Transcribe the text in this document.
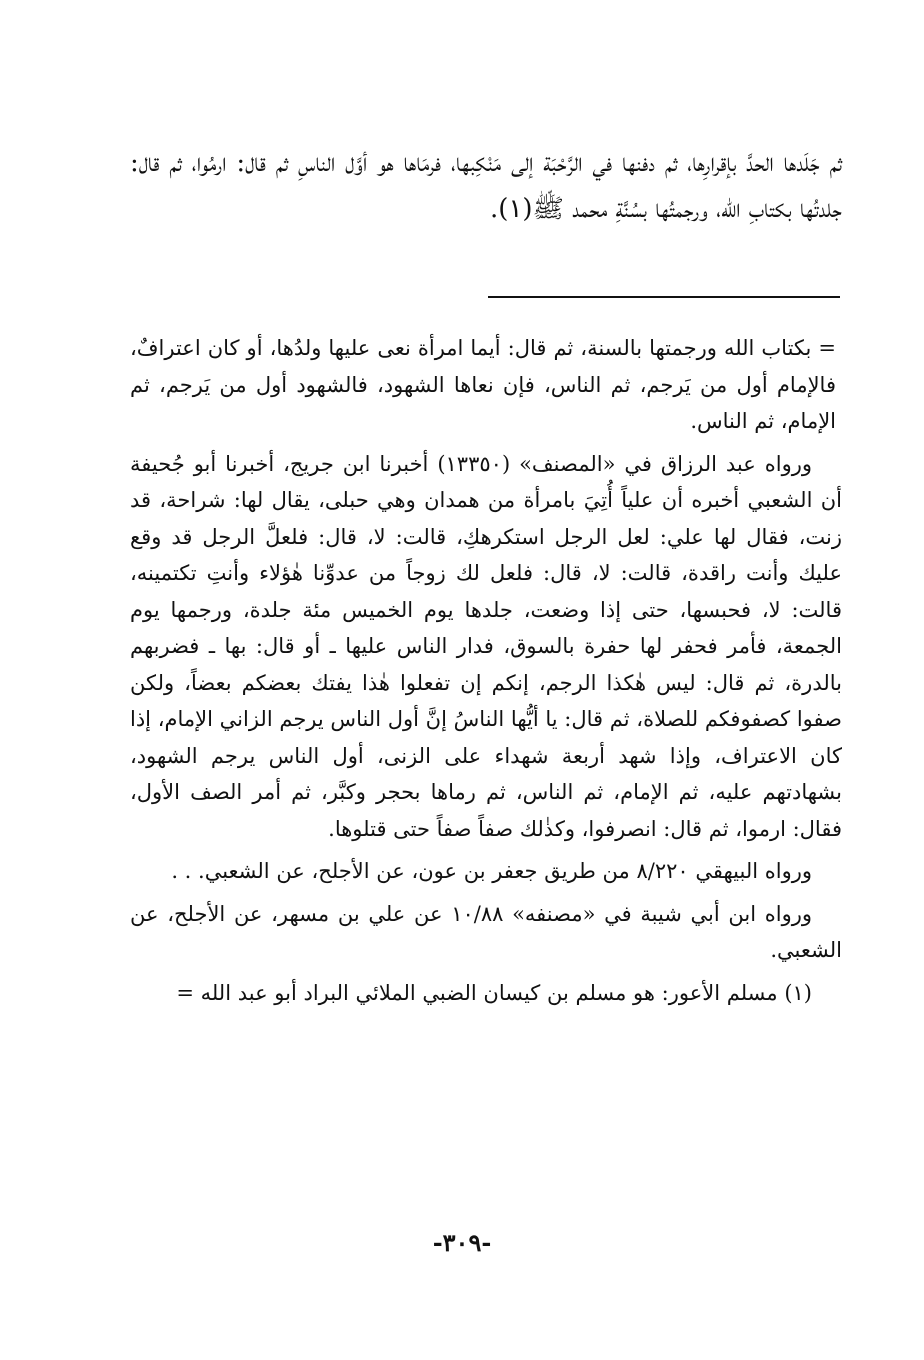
ثم جَلَدها الحدَّ بإقرارِها، ثم دفنها في الرَّحْبَة إلى مَنْكِبها، فرمَاها هو أوَّل الناسِ ثم قال: ارمُوا، ثم قال: جلدتُها بكتابِ الله، ورجمتُها بسُنَّةِ محمد ﷺ(١).

= بكتاب الله ورجمتها بالسنة، ثم قال: أيما امرأة نعى عليها ولدُها، أو كان اعترافٌ، فالإمام أول من يَرجم، ثم الناس، فإن نعاها الشهود، فالشهود أول من يَرجم، ثم الإمام، ثم الناس.

ورواه عبد الرزاق في «المصنف» (١٣٣٥٠) أخبرنا ابن جريج، أخبرنا أبو جُحيفة أن الشعبي أخبره أن علياً أُتِيَ بامرأة من همدان وهي حبلى، يقال لها: شراحة، قد زنت، فقال لها علي: لعل الرجل استكرهكِ، قالت: لا، قال: فلعلَّ الرجل قد وقع عليك وأنت راقدة، قالت: لا، قال: فلعل لك زوجاً من عدوِّنا هٰؤلاء وأنتِ تكتمينه، قالت: لا، فحبسها، حتى إذا وضعت، جلدها يوم الخميس مئة جلدة، ورجمها يوم الجمعة، فأمر فحفر لها حفرة بالسوق، فدار الناس عليها ـ أو قال: بها ـ فضربهم بالدرة، ثم قال: ليس هٰكذا الرجم، إنكم إن تفعلوا هٰذا يفتك بعضكم بعضاً، ولكن صفوا كصفوفكم للصلاة، ثم قال: يا أيُّها الناسُ إنَّ أول الناس يرجم الزاني الإمام، إذا كان الاعتراف، وإذا شهد أربعة شهداء على الزنى، أول الناس يرجم الشهود، بشهادتهم عليه، ثم الإمام، ثم الناس، ثم رماها بحجر وكبَّر، ثم أمر الصف الأول، فقال: ارموا، ثم قال: انصرفوا، وكذٰلك صفاً صفاً حتى قتلوها.

ورواه البيهقي ٨/٢٢٠ من طريق جعفر بن عون، عن الأجلح، عن الشعبي. . .

ورواه ابن أبي شيبة في «مصنفه» ١٠/٨٨ عن علي بن مسهر، عن الأجلح، عن الشعبي.

(١) مسلم الأعور: هو مسلم بن كيسان الضبي الملائي البراد أبو عبد الله =

-٣٠٩-
